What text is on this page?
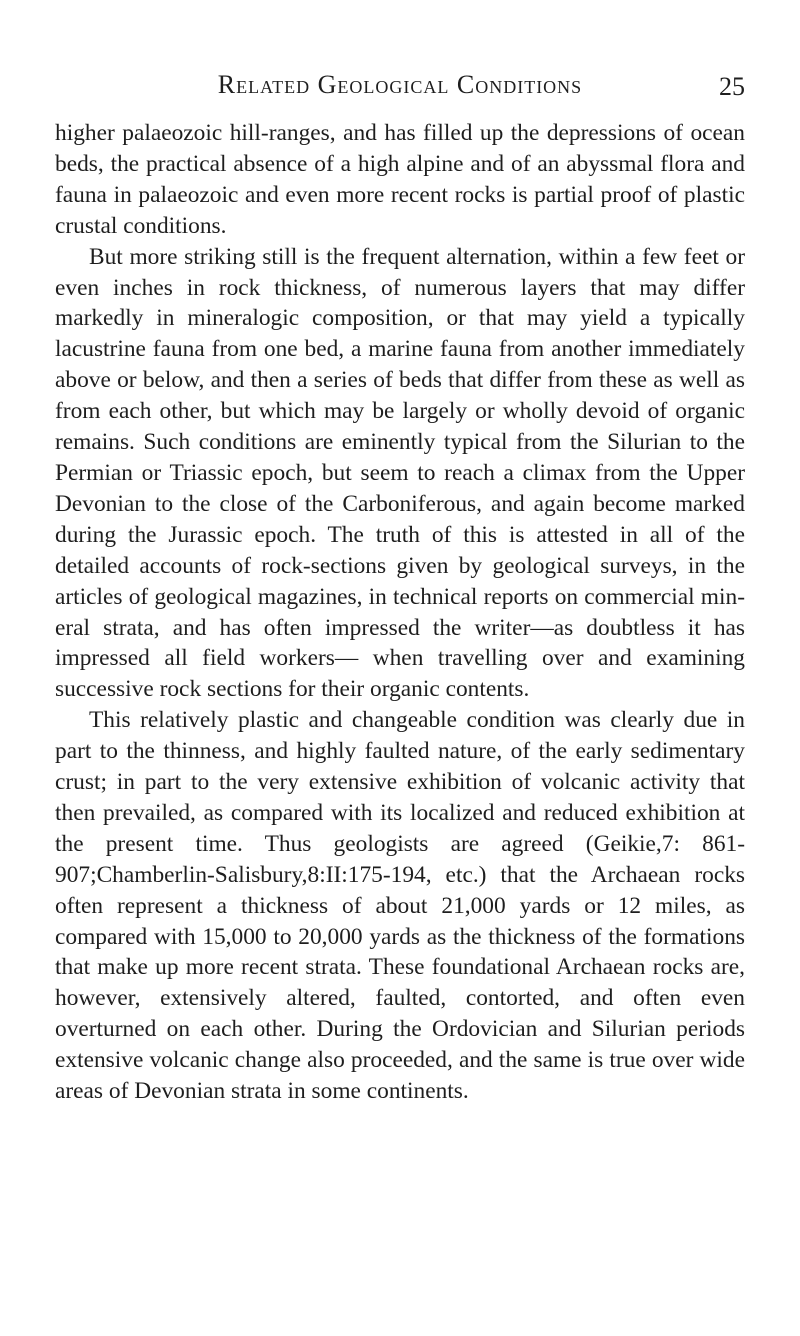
Related Geological Conditions	25

higher palaeozoic hill-ranges, and has filled up the depressions of ocean beds, the practical absence of a high alpine and of an abyssmal flora and fauna in palaeozoic and even more recent rocks is partial proof of plastic crustal conditions.

But more striking still is the frequent alternation, within a few feet or even inches in rock thickness, of numerous layers that may differ markedly in mineralogic composition, or that may yield a typically lacustrine fauna from one bed, a marine fauna from another immediately above or below, and then a series of beds that differ from these as well as from each other, but which may be largely or wholly devoid of organic remains. Such conditions are eminently typical from the Silurian to the Permian or Triassic epoch, but seem to reach a climax from the Upper Devonian to the close of the Carboniferous, and again become marked during the Jurassic epoch. The truth of this is attested in all of the detailed accounts of rock-sections given by geological surveys, in the articles of geological magazines, in technical reports on commercial mineral strata, and has often impressed the writer—as doubtless it has impressed all field workers— when travelling over and examining successive rock sections for their organic contents.

This relatively plastic and changeable condition was clearly due in part to the thinness, and highly faulted nature, of the early sedimentary crust; in part to the very extensive exhibition of volcanic activity that then prevailed, as compared with its localized and reduced exhibition at the present time. Thus geologists are agreed (Geikie,7: 861-907;Chamberlin-Salisbury,8:II:175-194, etc.) that the Archaean rocks often represent a thickness of about 21,000 yards or 12 miles, as compared with 15,000 to 20,000 yards as the thickness of the formations that make up more recent strata. These foundational Archaean rocks are, however, extensively altered, faulted, contorted, and often even overturned on each other. During the Ordovician and Silurian periods extensive volcanic change also proceeded, and the same is true over wide areas of Devonian strata in some continents.
